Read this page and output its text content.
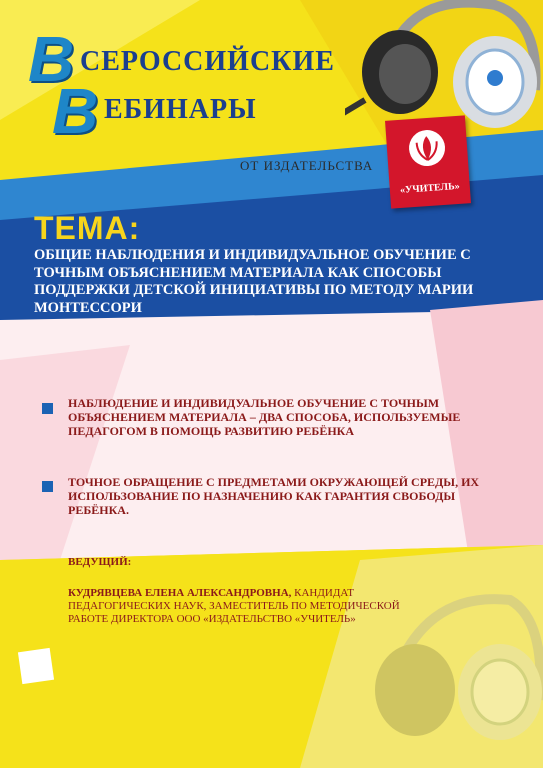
В СЕРОССИЙСКИЕ
В ЕБИНАРЫ
ОТ ИЗДАТЕЛЬСТВА
«УЧИТЕЛЬ»
ТЕМА:
ОБЩИЕ НАБЛЮДЕНИЯ И ИНДИВИДУАЛЬНОЕ ОБУЧЕНИЕ С ТОЧНЫМ ОБЪЯСНЕНИЕМ МАТЕРИАЛА КАК СПОСОБЫ ПОДДЕРЖКИ ДЕТСКОЙ ИНИЦИАТИВЫ ПО МЕТОДУ МАРИИ МОНТЕССОРИ
НАБЛЮДЕНИЕ И ИНДИВИДУАЛЬНОЕ ОБУЧЕНИЕ С ТОЧНЫМ ОБЪЯСНЕНИЕМ МАТЕРИАЛА – ДВА СПОСОБА, ИСПОЛЬЗУЕМЫЕ ПЕДАГОГОМ В ПОМОЩЬ РАЗВИТИЮ РЕБЁНКА
ТОЧНОЕ ОБРАЩЕНИЕ С ПРЕДМЕТАМИ ОКРУЖАЮЩЕЙ СРЕДЫ, ИХ ИСПОЛЬЗОВАНИЕ ПО НАЗНАЧЕНИЮ КАК ГАРАНТИЯ СВОБОДЫ РЕБЁНКА.
ВЕДУЩИЙ:
КУДРЯВЦЕВА ЕЛЕНА АЛЕКСАНДРОВНА, КАНДИДАТ ПЕДАГОГИЧЕСКИХ НАУК, ЗАМЕСТИТЕЛЬ ПО МЕТОДИЧЕСКОЙ РАБОТЕ ДИРЕКТОРА ООО «ИЗДАТЕЛЬСТВО «УЧИТЕЛЬ»
